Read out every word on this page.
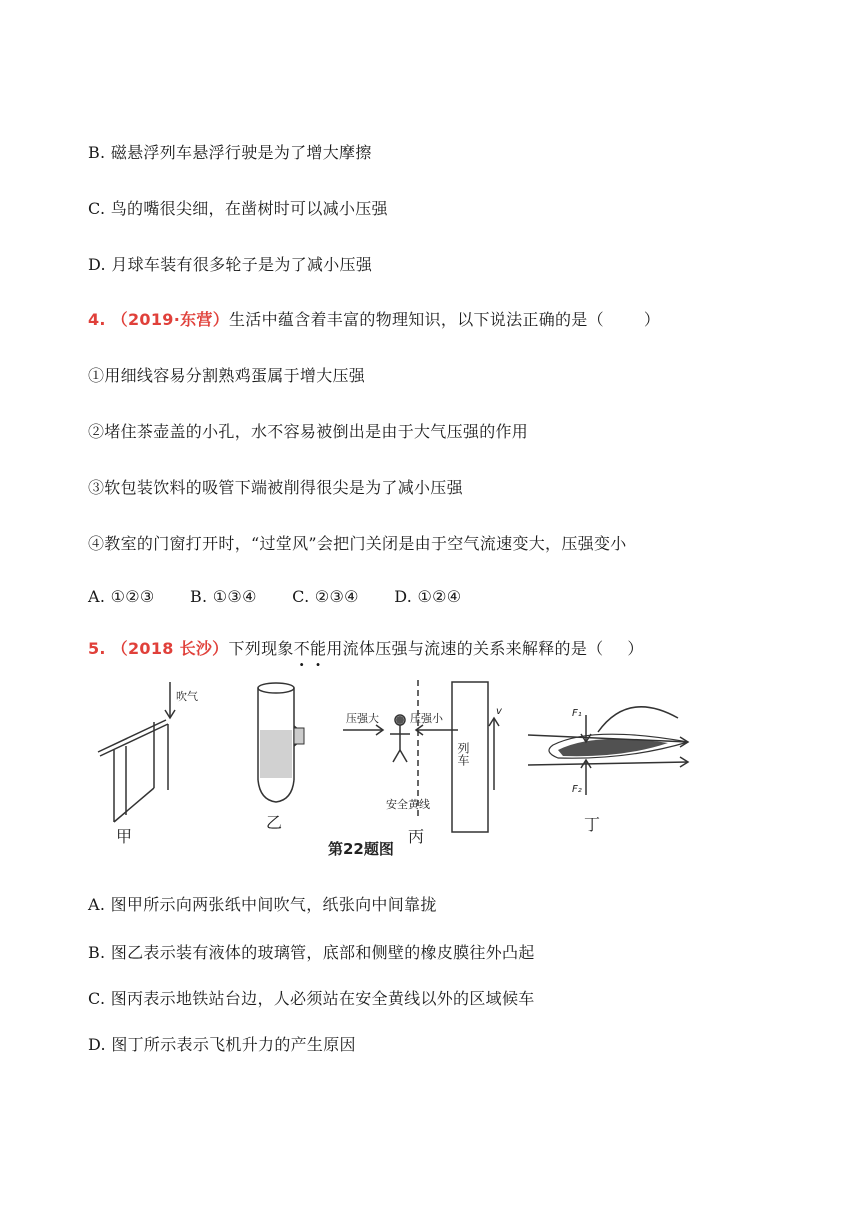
B. 磁悬浮列车悬浮行驶是为了增大摩擦
C. 鸟的嘴很尖细，在凿树时可以减小压强
D. 月球车装有很多轮子是为了减小压强
4. （2019·东营）生活中蕴含着丰富的物理知识，以下说法正确的是（	）
①用细线容易分割熟鸡蛋属于增大压强
②堵住茶壶盖的小孔，水不容易被倒出是由于大气压强的作用
③软包装饮料的吸管下端被削得很尖是为了减小压强
④教室的门窗打开时，“过堂风”会把门关闭是由于空气流速变大，压强变小
A. ①②③ B. ①③④ C. ②③④ D. ①②④
5. （2018 长沙）下列现象不能用流体压强与流速的关系来解释的是（ ）
吹气
压强大	压强小
列车
v
安全黄线
F₁
F₂
甲
乙
丙
丁
第22题图
A. 图甲所示向两张纸中间吹气，纸张向中间靠拢
B. 图乙表示装有液体的玻璃管，底部和侧壁的橡皮膜往外凸起
C. 图丙表示地铁站台边，人必须站在安全黄线以外的区域候车
D. 图丁所示表示飞机升力的产生原因
